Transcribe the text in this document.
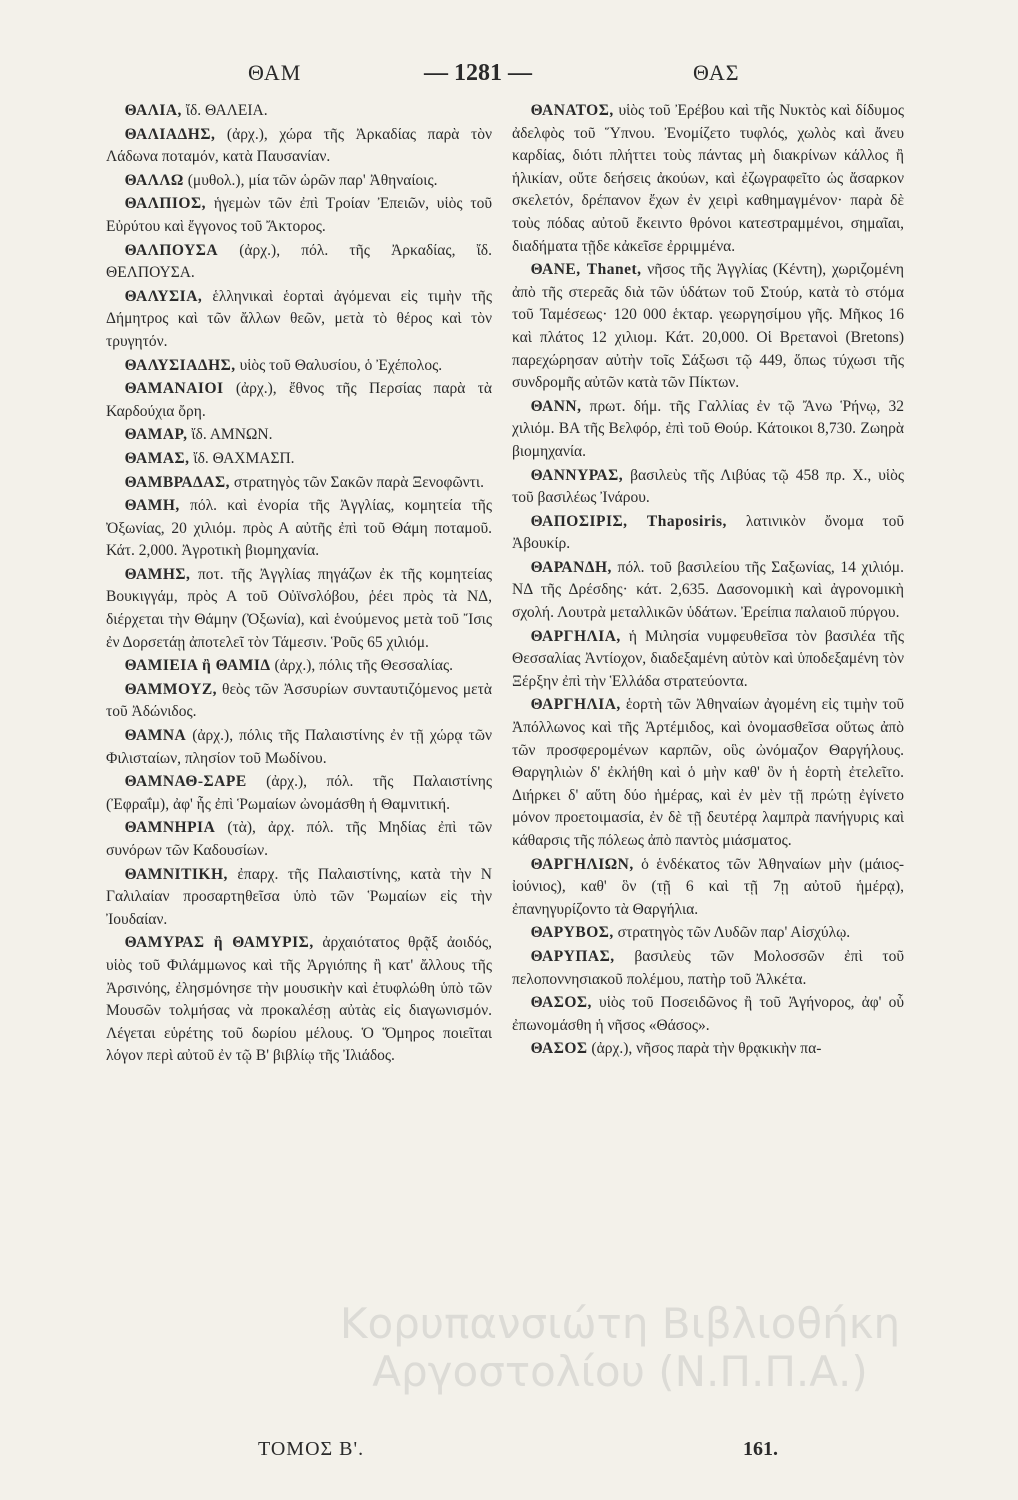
ΘΑΜ	— 1281 —	ΘΑΣ

ΘΑΛΙΑ, ἴδ. ΘΑΛΕΙΑ.

ΘΑΛΙΑΔΗΣ, (ἀρχ.), χώρα τῆς Ἀρκαδίας παρὰ τὸν Λάδωνα ποταμόν, κατὰ Παυσανίαν.

ΘΑΛΛΩ (μυθολ.), μία τῶν ὡρῶν παρ' Ἀθηναίοις.

ΘΑΛΠΙΟΣ, ἡγεμὼν τῶν ἐπὶ Τροίαν Ἐπειῶν, υἱὸς τοῦ Εὐρύτου καὶ ἔγγονος τοῦ Ἄκτορος.

ΘΑΛΠΟΥΣΑ (ἀρχ.), πόλ. τῆς Ἀρκαδίας, ἴδ. ΘΕΛΠΟΥΣΑ.

ΘΑΛΥΣΙΑ, ἑλληνικαὶ ἑορταὶ ἀγόμεναι εἰς τιμὴν τῆς Δήμητρος καὶ τῶν ἄλλων θεῶν, μετὰ τὸ θέρος καὶ τὸν τρυγητόν.

ΘΑΛΥΣΙΑΔΗΣ, υἱὸς τοῦ Θαλυσίου, ὁ Ἐχέπολος.

ΘΑΜΑΝΑΙΟΙ (ἀρχ.), ἔθνος τῆς Περσίας παρὰ τὰ Καρδούχια ὄρη.

ΘΑΜΑΡ, ἴδ. ΑΜΝΩΝ.

ΘΑΜΑΣ, ἴδ. ΘΑΧΜΑΣΠ.

ΘΑΜΒΡΑΔΑΣ, στρατηγὸς τῶν Σακῶν παρὰ Ξενοφῶντι.

ΘΑΜΗ, πόλ. καὶ ἐνορία τῆς Ἀγγλίας, κομητεία τῆς Ὀξωνίας, 20 χιλιόμ. πρὸς Α αὐτῆς ἐπὶ τοῦ Θάμη ποταμοῦ. Κάτ. 2,000. Ἀγροτικὴ βιομηχανία.

ΘΑΜΗΣ, ποτ. τῆς Ἀγγλίας πηγάζων ἐκ τῆς κομητείας Βουκιγγάμ, πρὸς Α τοῦ Οὐϊνσλόβου, ῥέει πρὸς τὰ ΝΔ, διέρχεται τὴν Θάμην (Ὀξωνία), καὶ ἑνούμενος μετὰ τοῦ Ἴσις ἐν Δορσετάῃ ἀποτελεῖ τὸν Τάμεσιν. Ῥοῦς 65 χιλιόμ.

ΘΑΜΙΕΙΑ ἢ ΘΑΜΙΔ (ἀρχ.), πόλις τῆς Θεσσαλίας.

ΘΑΜΜΟΥΖ, θεὸς τῶν Ἀσσυρίων συνταυτιζόμενος μετὰ τοῦ Ἀδώνιδος.

ΘΑΜΝΑ (ἀρχ.), πόλις τῆς Παλαιστίνης ἐν τῇ χώρᾳ τῶν Φιλισταίων, πλησίον τοῦ Μωδίνου.

ΘΑΜΝΑΘ-ΣΑΡΕ (ἀρχ.), πόλ. τῆς Παλαιστίνης (Ἐφραΐμ), ἀφ' ἧς ἐπὶ Ῥωμαίων ὠνομάσθη ἡ Θαμνιτική.

ΘΑΜΝΗΡΙΑ (τὰ), ἀρχ. πόλ. τῆς Μηδίας ἐπὶ τῶν συνόρων τῶν Καδουσίων.

ΘΑΜΝΙΤΙΚΗ, ἐπαρχ. τῆς Παλαιστίνης, κατὰ τὴν Ν Γαλιλαίαν προσαρτηθεῖσα ὑπὸ τῶν Ῥωμαίων εἰς τὴν Ἰουδαίαν.

ΘΑΜΥΡΑΣ ἢ ΘΑΜΥΡΙΣ, ἀρχαιότατος θρᾷξ ἀοιδός, υἱὸς τοῦ Φιλάμμωνος καὶ τῆς Ἀργιόπης ἢ κατ' ἄλλους τῆς Ἀρσινόης, ἐλησμόνησε τὴν μουσικὴν καὶ ἐτυφλώθη ὑπὸ τῶν Μουσῶν τολμήσας νὰ προκαλέσῃ αὐτὰς εἰς διαγωνισμόν. Λέγεται εὑρέτης τοῦ δωρίου μέλους. Ὁ Ὅμηρος ποιεῖται λόγον περὶ αὐτοῦ ἐν τῷ Β' βιβλίῳ τῆς Ἰλιάδος.

ΘΑΝΑΤΟΣ, υἱὸς τοῦ Ἐρέβου καὶ τῆς Νυκτὸς καὶ δίδυμος ἀδελφὸς τοῦ Ὕπνου. Ἐνομίζετο τυφλός, χωλὸς καὶ ἄνευ καρδίας, διότι πλήττει τοὺς πάντας μὴ διακρίνων κάλλος ἢ ἡλικίαν, οὔτε δεήσεις ἀκούων, καὶ ἐζωγραφεῖτο ὡς ἄσαρκον σκελετόν, δρέπανον ἔχων ἐν χειρὶ καθημαγμένον· παρὰ δὲ τοὺς πόδας αὐτοῦ ἔκειντο θρόνοι κατεστραμμένοι, σημαῖαι, διαδήματα τῇδε κἀκεῖσε ἐρριμμένα.

ΘΑΝΕ, Thanet, νῆσος τῆς Ἀγγλίας (Κέντη), χωριζομένη ἀπὸ τῆς στερεᾶς διὰ τῶν ὑδάτων τοῦ Στούρ, κατὰ τὸ στόμα τοῦ Ταμέσεως· 120 000 ἑκταρ. γεωργησίμου γῆς. Μῆκος 16 καὶ πλάτος 12 χιλιομ. Κάτ. 20,000. Οἱ Βρετανοὶ (Bretons) παρεχώρησαν αὐτὴν τοῖς Σάξωσι τῷ 449, ὅπως τύχωσι τῆς συνδρομῆς αὐτῶν κατὰ τῶν Πίκτων.

ΘΑΝΝ, πρωτ. δήμ. τῆς Γαλλίας ἐν τῷ Ἄνω Ῥήνῳ, 32 χιλιόμ. ΒΑ τῆς Βελφόρ, ἐπὶ τοῦ Θούρ. Κάτοικοι 8,730. Ζωηρὰ βιομηχανία.

ΘΑΝΝΥΡΑΣ, βασιλεὺς τῆς Λιβύας τῷ 458 πρ. Χ., υἱὸς τοῦ βασιλέως Ἰνάρου.

ΘΑΠΟΣΙΡΙΣ, Thaposiris, λατινικὸν ὄνομα τοῦ Ἀβουκίρ.

ΘΑΡΑΝΔΗ, πόλ. τοῦ βασιλείου τῆς Σαξωνίας, 14 χιλιόμ. ΝΔ τῆς Δρέσδης· κάτ. 2,635. Δασονομικὴ καὶ ἀγρονομικὴ σχολή. Λουτρὰ μεταλλικῶν ὑδάτων. Ἐρείπια παλαιοῦ πύργου.

ΘΑΡΓΗΛΙΑ, ἡ Μιλησία νυμφευθεῖσα τὸν βασιλέα τῆς Θεσσαλίας Ἀντίοχον, διαδεξαμένη αὐτὸν καὶ ὑποδεξαμένη τὸν Ξέρξην ἐπὶ τὴν Ἑλλάδα στρατεύοντα.

ΘΑΡΓΗΛΙΑ, ἑορτὴ τῶν Ἀθηναίων ἀγομένη εἰς τιμὴν τοῦ Ἀπόλλωνος καὶ τῆς Ἀρτέμιδος, καὶ ὀνομασθεῖσα οὕτως ἀπὸ τῶν προσφερομένων καρπῶν, οὓς ὠνόμαζον Θαργήλους. Θαργηλιὼν δ' ἐκλήθη καὶ ὁ μὴν καθ' ὃν ἡ ἑορτὴ ἐτελεῖτο. Διήρκει δ' αὕτη δύο ἡμέρας, καὶ ἐν μὲν τῇ πρώτῃ ἐγίνετο μόνον προετοιμασία, ἐν δὲ τῇ δευτέρᾳ λαμπρὰ πανήγυρις καὶ κάθαρσις τῆς πόλεως ἀπὸ παντὸς μιάσματος.

ΘΑΡΓΗΛΙΩΝ, ὁ ἑνδέκατος τῶν Ἀθηναίων μὴν (μάιος-ἰούνιος), καθ' ὃν (τῇ 6 καὶ τῇ 7ῃ αὐτοῦ ἡμέρᾳ), ἐπανηγυρίζοντο τὰ Θαργήλια.

ΘΑΡΥΒΟΣ, στρατηγὸς τῶν Λυδῶν παρ' Αἰσχύλῳ.

ΘΑΡΥΠΑΣ, βασιλεὺς τῶν Μολοσσῶν ἐπὶ τοῦ πελοποννησιακοῦ πολέμου, πατὴρ τοῦ Ἀλκέτα.

ΘΑΣΟΣ, υἱὸς τοῦ Ποσειδῶνος ἢ τοῦ Ἀγήνορος, ἀφ' οὗ ἐπωνομάσθη ἡ νῆσος «Θάσος».

ΘΑΣΟΣ (ἀρχ.), νῆσος παρὰ τὴν θρᾳκικὴν πα-

Κορυπανσιώτη Βιβλιοθήκη
Αργοστολίου (Ν.Π.Π.Α.)
ΤΟΜΟΣ Β'.	161.
